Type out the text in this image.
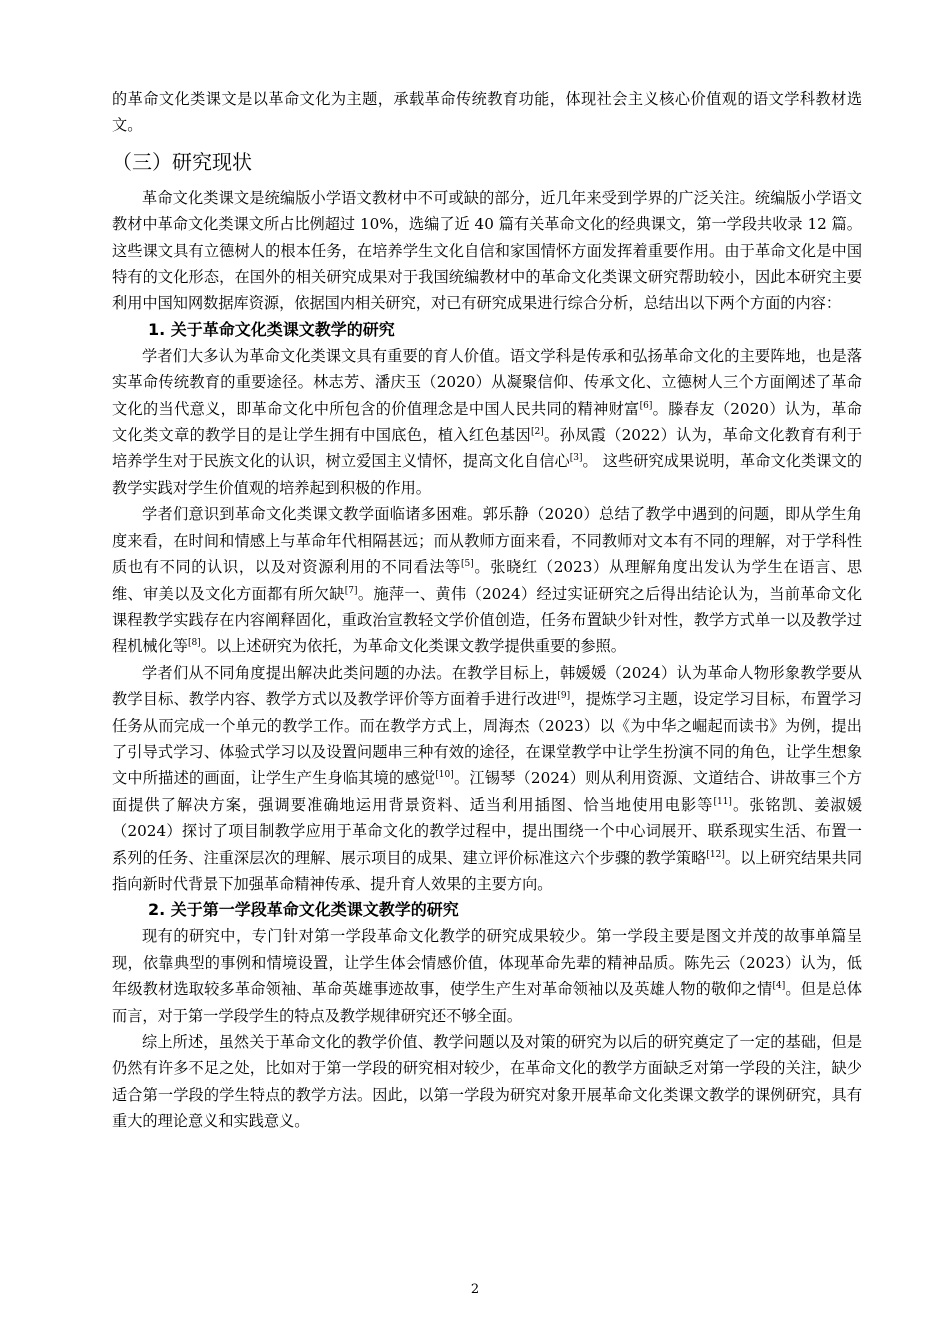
的革命文化类课文是以革命文化为主题，承载革命传统教育功能，体现社会主义核心价值观的语文学科教材选文。

（三）研究现状

革命文化类课文是统编版小学语文教材中不可或缺的部分，近几年来受到学界的广泛关注。统编版小学语文教材中革命文化类课文所占比例超过 10%，选编了近 40 篇有关革命文化的经典课文，第一学段共收录 12 篇。这些课文具有立德树人的根本任务，在培养学生文化自信和家国情怀方面发挥着重要作用。由于革命文化是中国特有的文化形态，在国外的相关研究成果对于我国统编教材中的革命文化类课文研究帮助较小，因此本研究主要利用中国知网数据库资源，依据国内相关研究，对已有研究成果进行综合分析，总结出以下两个方面的内容：

1. 关于革命文化类课文教学的研究

学者们大多认为革命文化类课文具有重要的育人价值。语文学科是传承和弘扬革命文化的主要阵地，也是落实革命传统教育的重要途径。林志芳、潘庆玉（2020）从凝聚信仰、传承文化、立德树人三个方面阐述了革命文化的当代意义，即革命文化中所包含的价值理念是中国人民共同的精神财富[6]。滕春友（2020）认为，革命文化类文章的教学目的是让学生拥有中国底色，植入红色基因[2]。孙凤霞（2022）认为，革命文化教育有利于培养学生对于民族文化的认识，树立爱国主义情怀，提高文化自信心[3]。 这些研究成果说明，革命文化类课文的教学实践对学生价值观的培养起到积极的作用。

学者们意识到革命文化类课文教学面临诸多困难。郭乐静（2020）总结了教学中遇到的问题，即从学生角度来看，在时间和情感上与革命年代相隔甚远；而从教师方面来看，不同教师对文本有不同的理解，对于学科性质也有不同的认识，以及对资源利用的不同看法等[5]。张晓红（2023）从理解角度出发认为学生在语言、思维、审美以及文化方面都有所欠缺[7]。施萍一、黄伟（2024）经过实证研究之后得出结论认为，当前革命文化课程教学实践存在内容阐释固化，重政治宣教轻文学价值创造，任务布置缺少针对性，教学方式单一以及教学过程机械化等[8]。以上述研究为依托，为革命文化类课文教学提供重要的参照。

学者们从不同角度提出解决此类问题的办法。在教学目标上，韩媛媛（2024）认为革命人物形象教学要从教学目标、教学内容、教学方式以及教学评价等方面着手进行改进[9]，提炼学习主题，设定学习目标，布置学习任务从而完成一个单元的教学工作。而在教学方式上，周海杰（2023）以《为中华之崛起而读书》为例，提出了引导式学习、体验式学习以及设置问题串三种有效的途径，在课堂教学中让学生扮演不同的角色，让学生想象文中所描述的画面，让学生产生身临其境的感觉[10]。江锡琴（2024）则从利用资源、文道结合、讲故事三个方面提供了解决方案，强调要准确地运用背景资料、适当利用插图、恰当地使用电影等[11]。张铭凯、姜淑媛（2024）探讨了项目制教学应用于革命文化的教学过程中，提出围绕一个中心词展开、联系现实生活、布置一系列的任务、注重深层次的理解、展示项目的成果、建立评价标准这六个步骤的教学策略[12]。以上研究结果共同指向新时代背景下加强革命精神传承、提升育人效果的主要方向。

2. 关于第一学段革命文化类课文教学的研究

现有的研究中，专门针对第一学段革命文化教学的研究成果较少。第一学段主要是图文并茂的故事单篇呈现，依靠典型的事例和情境设置，让学生体会情感价值，体现革命先辈的精神品质。陈先云（2023）认为，低年级教材选取较多革命领袖、革命英雄事迹故事，使学生产生对革命领袖以及英雄人物的敬仰之情[4]。但是总体而言，对于第一学段学生的特点及教学规律研究还不够全面。

综上所述，虽然关于革命文化的教学价值、教学问题以及对策的研究为以后的研究奠定了一定的基础，但是仍然有许多不足之处，比如对于第一学段的研究相对较少，在革命文化的教学方面缺乏对第一学段的关注，缺少适合第一学段的学生特点的教学方法。因此，以第一学段为研究对象开展革命文化类课文教学的课例研究，具有重大的理论意义和实践意义。

2
